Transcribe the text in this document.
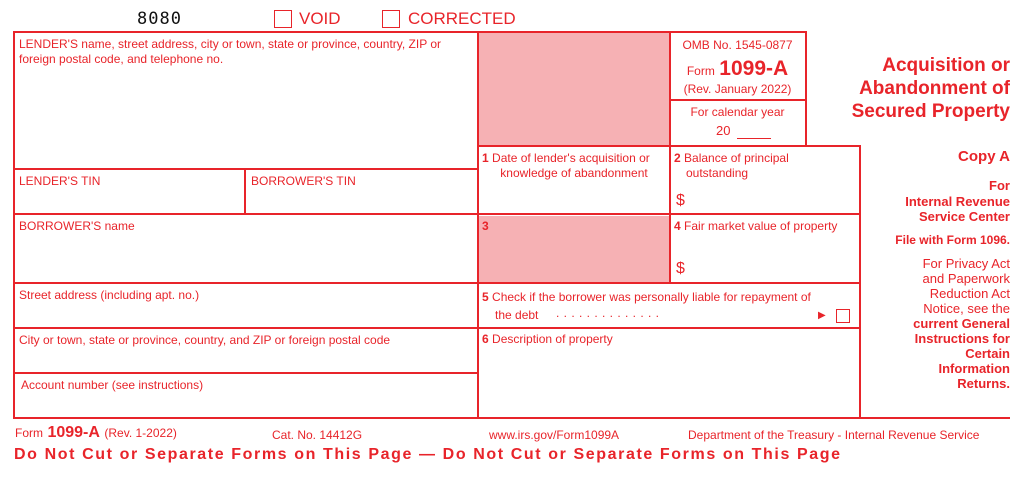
8080	VOID	CORRECTED
LENDER'S name, street address, city or town, state or province, country, ZIP or
foreign postal code, and telephone no.
LENDER'S TIN	BORROWER'S TIN
BORROWER'S name
Street address (including apt. no.)
City or town, state or province, country, and ZIP or foreign postal code
Account number (see instructions)
OMB No. 1545-0877
Form 1099-A
(Rev. January 2022)
For calendar year
20
Acquisition or
Abandonment of
Secured Property
1 Date of lender's acquisition or
knowledge of abandonment
2 Balance of principal
outstanding
$
3	4 Fair market value of property
$
5 Check if the borrower was personally liable for repayment of
the debt . . . . . . . . . . . . . .	▶
6 Description of property
Copy A
For
Internal Revenue
Service Center
File with Form 1096.
For Privacy Act
and Paperwork
Reduction Act
Notice, see the
current General
Instructions for
Certain
Information
Returns.
Form 1099-A (Rev. 1-2022)	Cat. No. 14412G	www.irs.gov/Form1099A	Department of the Treasury - Internal Revenue Service
Do Not Cut or Separate Forms on This Page — Do Not Cut or Separate Forms on This Page
